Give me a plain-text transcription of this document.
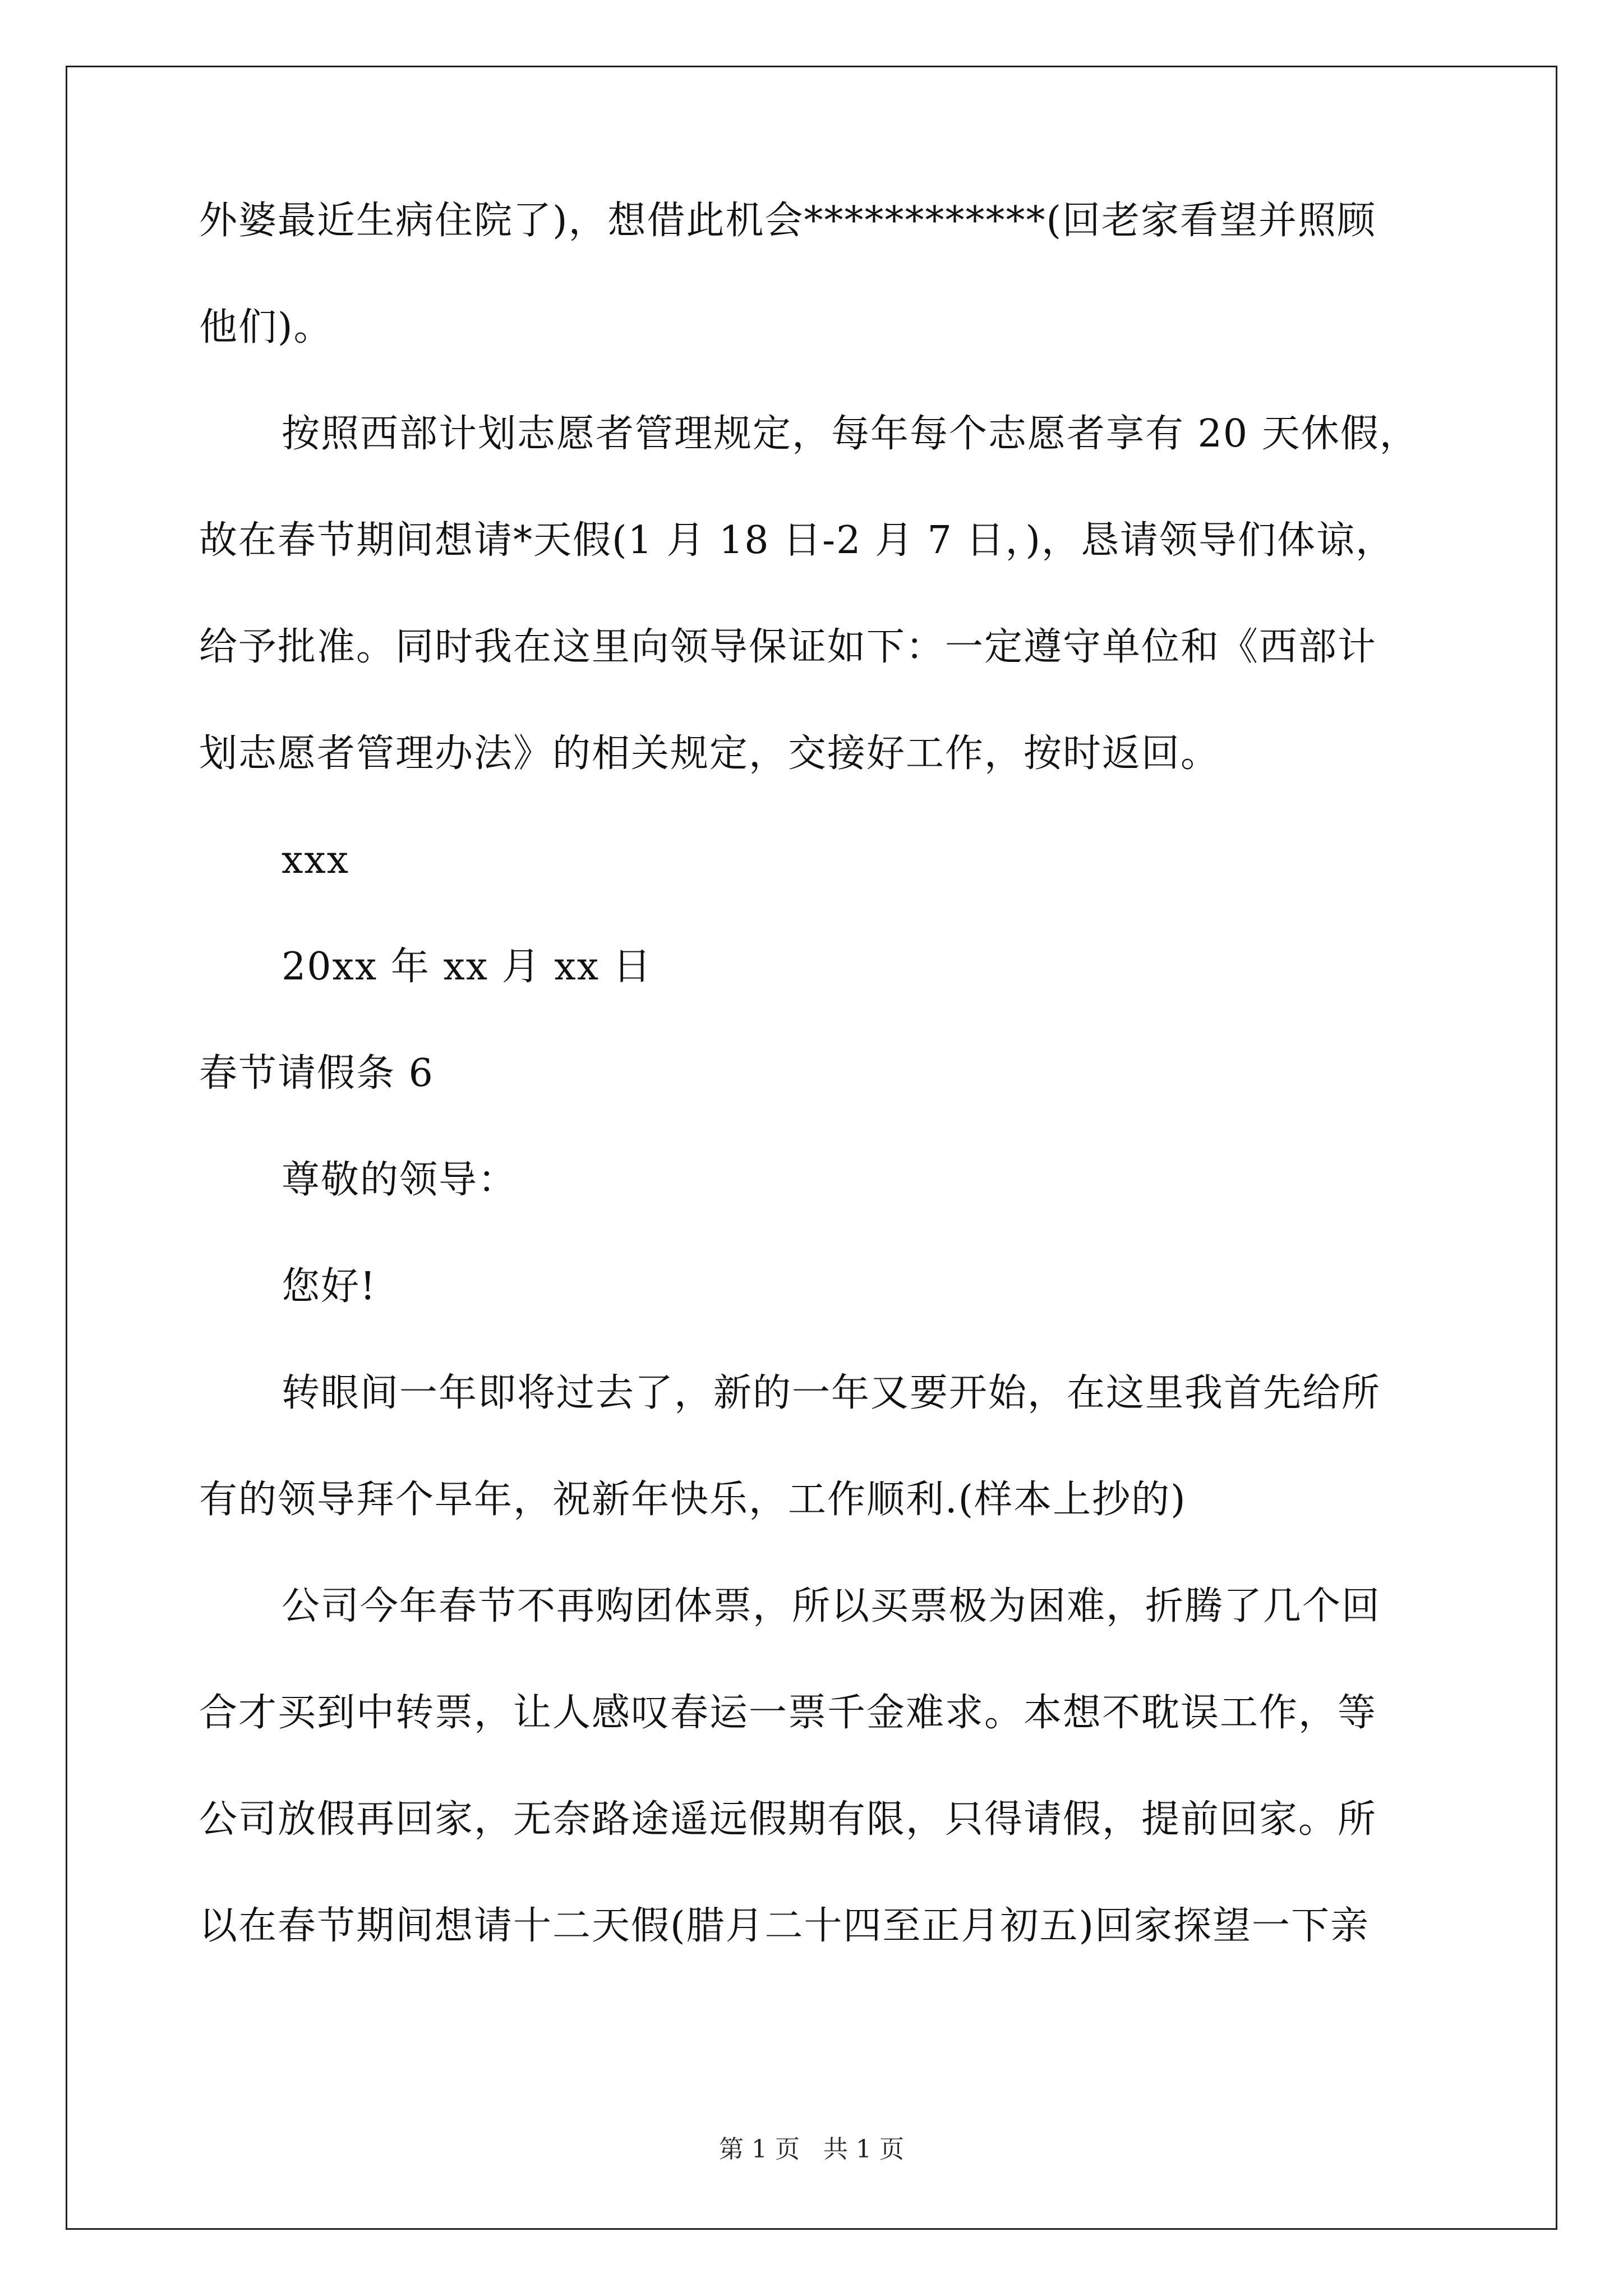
外婆最近生病住院了)，想借此机会************(回老家看望并照顾

他们)。

按照西部计划志愿者管理规定，每年每个志愿者享有 20 天休假，

故在春节期间想请*天假(1 月 18 日-2 月 7 日，)，恳请领导们体谅，

给予批准。同时我在这里向领导保证如下：一定遵守单位和《西部计

划志愿者管理办法》的相关规定，交接好工作，按时返回。

xxx

20xx 年 xx 月 xx 日

春节请假条 6

尊敬的领导：

您好!

转眼间一年即将过去了，新的一年又要开始，在这里我首先给所

有的领导拜个早年，祝新年快乐，工作顺利.(样本上抄的)

公司今年春节不再购团体票，所以买票极为困难，折腾了几个回

合才买到中转票，让人感叹春运一票千金难求。本想不耽误工作，等

公司放假再回家，无奈路途遥远假期有限，只得请假，提前回家。所

以在春节期间想请十二天假(腊月二十四至正月初五)回家探望一下亲

第 1 页   共 1 页
